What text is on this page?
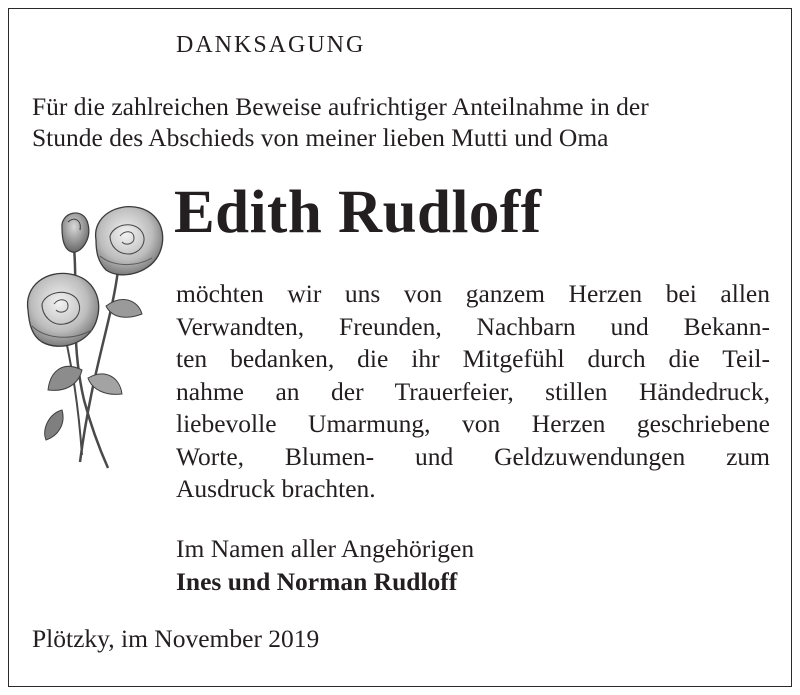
DANKSAGUNG
Für die zahlreichen Beweise aufrichtiger Anteilnahme in der
Stunde des Abschieds von meiner lieben Mutti und Oma
Edith Rudloff
möchten wir uns von ganzem Herzen bei allen
Verwandten, Freunden, Nachbarn und Bekann-
ten bedanken, die ihr Mitgefühl durch die Teil-
nahme an der Trauerfeier, stillen Händedruck,
liebevolle Umarmung, von Herzen geschriebene
Worte, Blumen- und Geldzuwendungen zum
Ausdruck brachten.
Im Namen aller Angehörigen
Ines und Norman Rudloff
Plötzky, im November 2019
